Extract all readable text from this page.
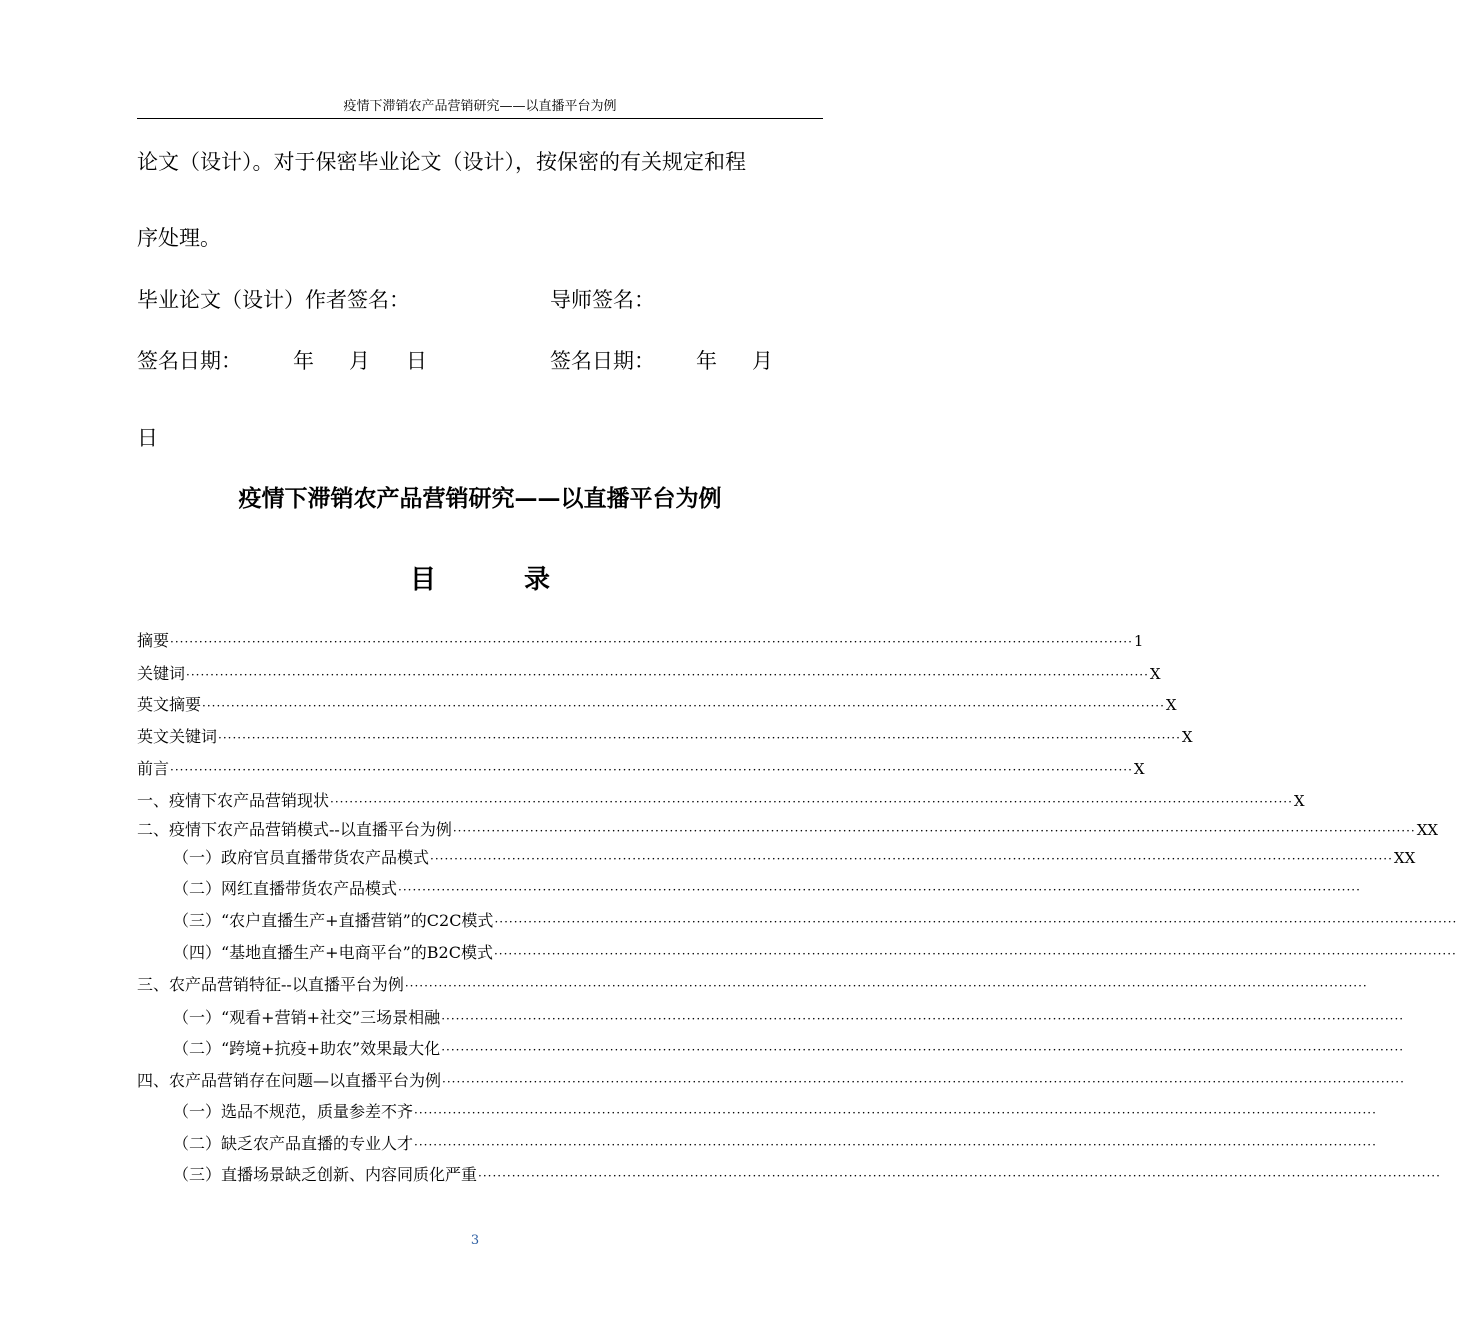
疫情下滞销农产品营销研究——以直播平台为例
论文（设计）。对于保密毕业论文（设计），按保密的有关规定和程
序处理。
毕业论文（设计）作者签名：	导师签名：
签名日期： 年 月 日	签名日期： 年 月
日
疫情下滞销农产品营销研究——以直播平台为例
目	录
摘要 ········································································································································································································ 1
关键词 ········································································································································································································ X
英文摘要 ········································································································································································································ X
英文关键词 ········································································································································································································ X
前言 ········································································································································································································ X
一、疫情下农产品营销现状 ········································································································································································································ X
二、疫情下农产品营销模式--以直播平台为例 ········································································································································································································ XX
（一）政府官员直播带货农产品模式 ········································································································································································································ XX
（二）网红直播带货农产品模式 ········································································································································································································
（三）“农户直播生产+直播营销”的C2C模式 ········································································································································································································
（四）“基地直播生产+电商平台”的B2C模式 ········································································································································································································
三、农产品营销特征--以直播平台为例 ········································································································································································································
（一）“观看+营销+社交”三场景相融 ········································································································································································································
（二）“跨境+抗疫+助农”效果最大化 ········································································································································································································
四、农产品营销存在问题—以直播平台为例 ········································································································································································································
（一）选品不规范，质量参差不齐 ········································································································································································································
（二）缺乏农产品直播的专业人才 ········································································································································································································
（三）直播场景缺乏创新、内容同质化严重 ········································································································································································································
3
